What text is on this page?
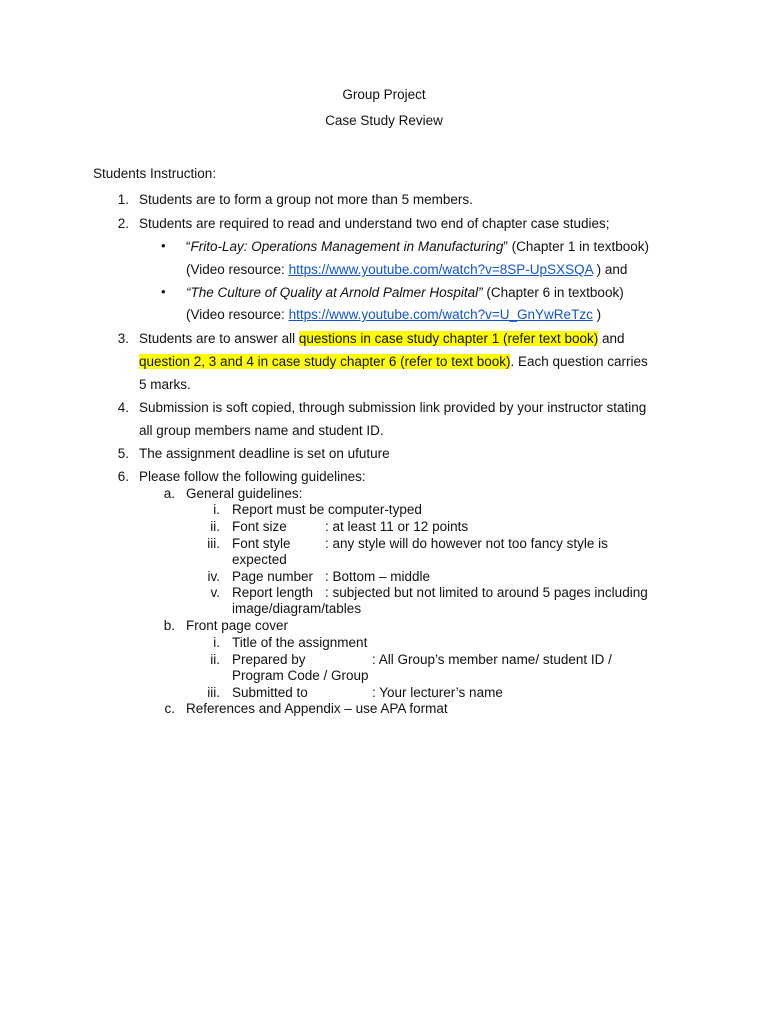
Group Project
Case Study Review
Students Instruction:
1. Students are to form a group not more than 5 members.
2. Students are required to read and understand two end of chapter case studies;
• “Frito-Lay: Operations Management in Manufacturing” (Chapter 1 in textbook)
(Video resource: https://www.youtube.com/watch?v=8SP-UpSXSQA ) and
• “The Culture of Quality at Arnold Palmer Hospital” (Chapter 6 in textbook)
(Video resource: https://www.youtube.com/watch?v=U_GnYwReTzc )
3. Students are to answer all questions in case study chapter 1 (refer text book) and
question 2, 3 and 4 in case study chapter 6 (refer to text book). Each question carries
5 marks.
4. Submission is soft copied, through submission link provided by your instructor stating
all group members name and student ID.
5. The assignment deadline is set on ufuture
6. Please follow the following guidelines:
a. General guidelines:
i. Report must be computer-typed
ii. Font size	: at least 11 or 12 points
iii. Font style	: any style will do however not too fancy style is
expected
iv. Page number : Bottom – middle
v. Report length : subjected but not limited to around 5 pages including
image/diagram/tables
b. Front page cover
i. Title of the assignment
ii. Prepared by	: All Group’s member name/ student ID /
Program Code / Group
iii. Submitted to	: Your lecturer’s name
c. References and Appendix – use APA format
